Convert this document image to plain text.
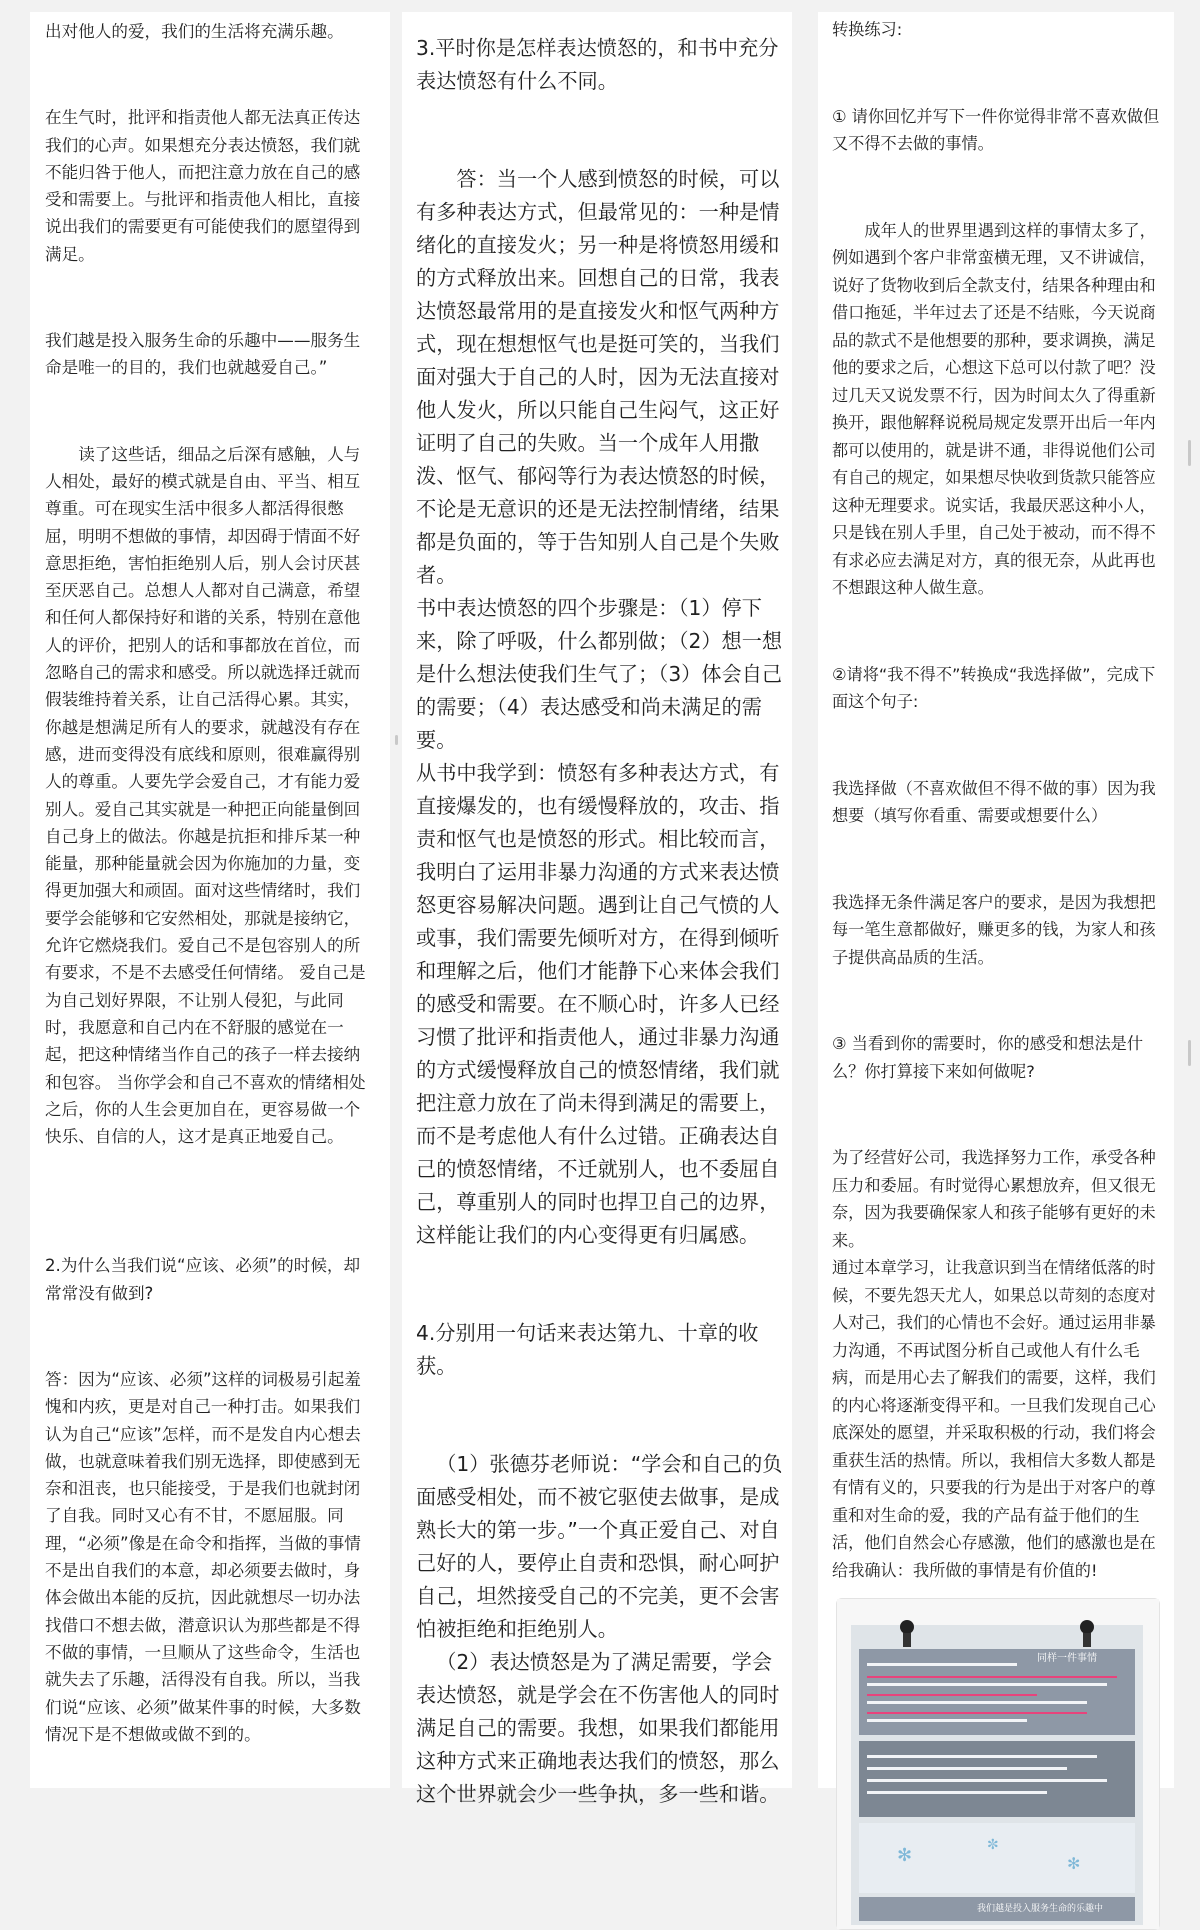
出对他人的爱，我们的生活将充满乐趣。

在生气时，批评和指责他人都无法真正传达我们的心声。如果想充分表达愤怒，我们就不能归咎于他人，而把注意力放在自己的感受和需要上。与批评和指责他人相比，直接说出我们的需要更有可能使我们的愿望得到满足。

我们越是投入服务生命的乐趣中——服务生命是唯一的目的，我们也就越爱自己。”

读了这些话，细品之后深有感触，人与人相处，最好的模式就是自由、平当、相互尊重。可在现实生活中很多人都活得很憋屈，明明不想做的事情，却因碍于情面不好意思拒绝，害怕拒绝别人后，别人会讨厌甚至厌恶自己。总想人人都对自己满意，希望和任何人都保持好和谐的关系，特别在意他人的评价，把别人的话和事都放在首位，而忽略自己的需求和感受。所以就选择迁就而假装维持着关系，让自己活得心累。其实，你越是想满足所有人的要求，就越没有存在感，进而变得没有底线和原则，很难赢得别人的尊重。人要先学会爱自己，才有能力爱别人。爱自己其实就是一种把正向能量倒回自己身上的做法。你越是抗拒和排斥某一种能量，那种能量就会因为你施加的力量，变得更加强大和顽固。面对这些情绪时，我们要学会能够和它安然相处，那就是接纳它，允许它燃烧我们。爱自己不是包容别人的所有要求，不是不去感受任何情绪。 爱自己是为自己划好界限，不让别人侵犯，与此同时，我愿意和自己内在不舒服的感觉在一起，把这种情绪当作自己的孩子一样去接纳和包容。 当你学会和自己不喜欢的情绪相处之后，你的人生会更加自在，更容易做一个快乐、自信的人，这才是真正地爱自己。

2.为什么当我们说“应该、必须”的时候，却常常没有做到?

答：因为“应该、必须”这样的词极易引起羞愧和内疚，更是对自己一种打击。如果我们认为自己“应该”怎样，而不是发自内心想去做，也就意味着我们别无选择，即使感到无奈和沮丧，也只能接受，于是我们也就封闭了自我。同时又心有不甘，不愿屈服。同理，“必须”像是在命令和指挥，当做的事情不是出自我们的本意，却必须要去做时，身体会做出本能的反抗，因此就想尽一切办法找借口不想去做，潜意识认为那些都是不得不做的事情，一旦顺从了这些命令，生活也就失去了乐趣，活得没有自我。所以，当我们说“应该、必须”做某件事的时候，大多数情况下是不想做或做不到的。

3.平时你是怎样表达愤怒的，和书中充分表达愤怒有什么不同。

答：当一个人感到愤怒的时候，可以有多种表达方式，但最常见的：一种是情绪化的直接发火；另一种是将愤怒用缓和的方式释放出来。回想自己的日常，我表达愤怒最常用的是直接发火和怄气两种方式，现在想想怄气也是挺可笑的，当我们面对强大于自己的人时，因为无法直接对他人发火，所以只能自己生闷气，这正好证明了自己的失败。当一个成年人用撒泼、怄气、郁闷等行为表达愤怒的时候，不论是无意识的还是无法控制情绪，结果都是负面的，等于告知别人自己是个失败者。

书中表达愤怒的四个步骤是：（1）停下来，除了呼吸，什么都别做；（2）想一想是什么想法使我们生气了；（3）体会自己的需要；（4）表达感受和尚未满足的需要。

从书中我学到：愤怒有多种表达方式，有直接爆发的，也有缓慢释放的，攻击、指责和怄气也是愤怒的形式。相比较而言，我明白了运用非暴力沟通的方式来表达愤怒更容易解决问题。遇到让自己气愤的人或事，我们需要先倾听对方，在得到倾听和理解之后，他们才能静下心来体会我们的感受和需要。在不顺心时，许多人已经习惯了批评和指责他人，通过非暴力沟通的方式缓慢释放自己的愤怒情绪，我们就把注意力放在了尚未得到满足的需要上，而不是考虑他人有什么过错。正确表达自己的愤怒情绪，不迁就别人，也不委屈自己，尊重别人的同时也捍卫自己的边界，这样能让我们的内心变得更有归属感。

4.分别用一句话来表达第九、十章的收获。

（1）张德芬老师说：“学会和自己的负面感受相处，而不被它驱使去做事，是成熟长大的第一步。”一个真正爱自己、对自己好的人，要停止自责和恐惧，耐心呵护自己，坦然接受自己的不完美，更不会害怕被拒绝和拒绝别人。

（2）表达愤怒是为了满足需要，学会表达愤怒，就是学会在不伤害他人的同时满足自己的需要。我想，如果我们都能用这种方式来正确地表达我们的愤怒，那么这个世界就会少一些争执，多一些和谐。

转换练习:

① 请你回忆并写下一件你觉得非常不喜欢做但又不得不去做的事情。

成年人的世界里遇到这样的事情太多了，例如遇到个客户非常蛮横无理，又不讲诚信，说好了货物收到后全款支付，结果各种理由和借口拖延，半年过去了还是不结账，今天说商品的款式不是他想要的那种，要求调换，满足他的要求之后，心想这下总可以付款了吧？没过几天又说发票不行，因为时间太久了得重新换开，跟他解释说税局规定发票开出后一年内都可以使用的，就是讲不通，非得说他们公司有自己的规定，如果想尽快收到货款只能答应这种无理要求。说实话，我最厌恶这种小人，只是钱在别人手里，自己处于被动，而不得不有求必应去满足对方，真的很无奈，从此再也不想跟这种人做生意。

②请将“我不得不”转换成“我选择做”，完成下面这个句子:

我选择做（不喜欢做但不得不做的事）因为我想要（填写你看重、需要或想要什么）

我选择无条件满足客户的要求，是因为我想把每一笔生意都做好，赚更多的钱，为家人和孩子提供高品质的生活。

③ 当看到你的需要时，你的感受和想法是什么？你打算接下来如何做呢?

为了经营好公司，我选择努力工作，承受各种压力和委屈。有时觉得心累想放弃，但又很无奈，因为我要确保家人和孩子能够有更好的未来。

通过本章学习，让我意识到当在情绪低落的时候，不要先怨天尤人，如果总以苛刻的态度对人对己，我们的心情也不会好。通过运用非暴力沟通，不再试图分析自己或他人有什么毛病，而是用心去了解我们的需要，这样，我们的内心将逐渐变得平和。一旦我们发现自己心底深处的愿望，并采取积极的行动，我们将会重获生活的热情。所以，我相信大多数人都是有情有义的，只要我的行为是出于对客户的尊重和对生命的爱，我的产品有益于他们的生活，他们自然会心存感激，他们的感激也是在给我确认：我所做的事情是有价值的!

✻	✼
✻
同样一件事情
我们越是投入服务生命的乐趣中
